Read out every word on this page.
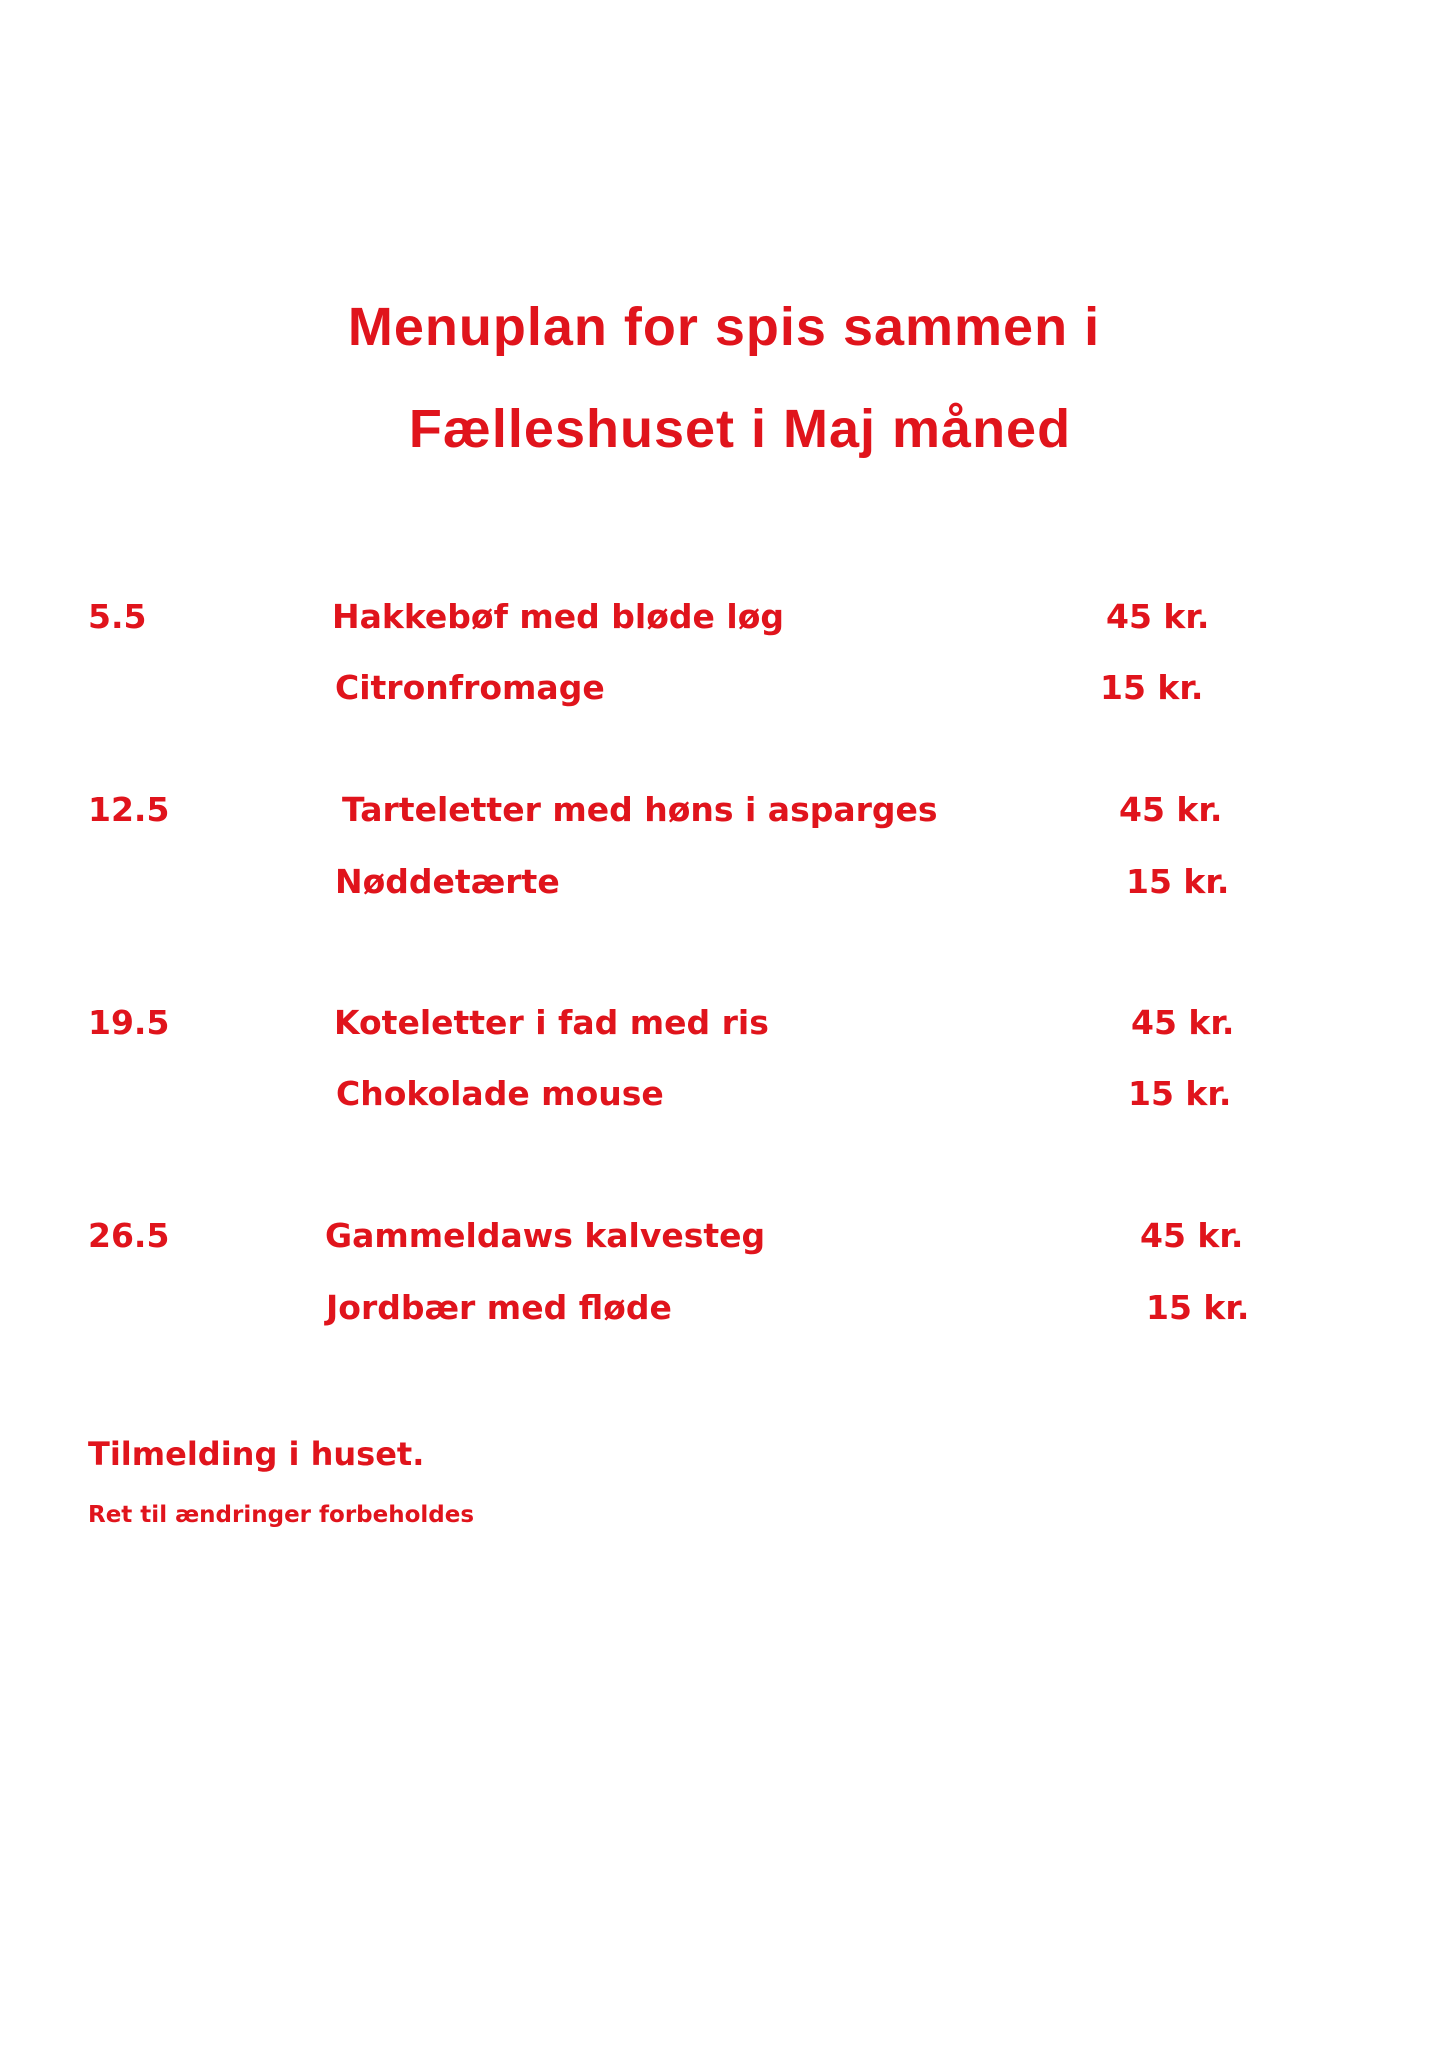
Menuplan for spis sammen i
Fælleshuset i Maj måned
5.5	Hakkebøf med bløde løg	45 kr.
Citronfromage	15 kr.
12.5	Tarteletter med høns i asparges	45 kr.
Nøddetærte	15 kr.
19.5	Koteletter i fad med ris	45 kr.
Chokolade mouse	15 kr.
26.5	Gammeldaws kalvesteg	45 kr.
Jordbær med fløde	15 kr.
Tilmelding i huset.
Ret til ændringer forbeholdes
